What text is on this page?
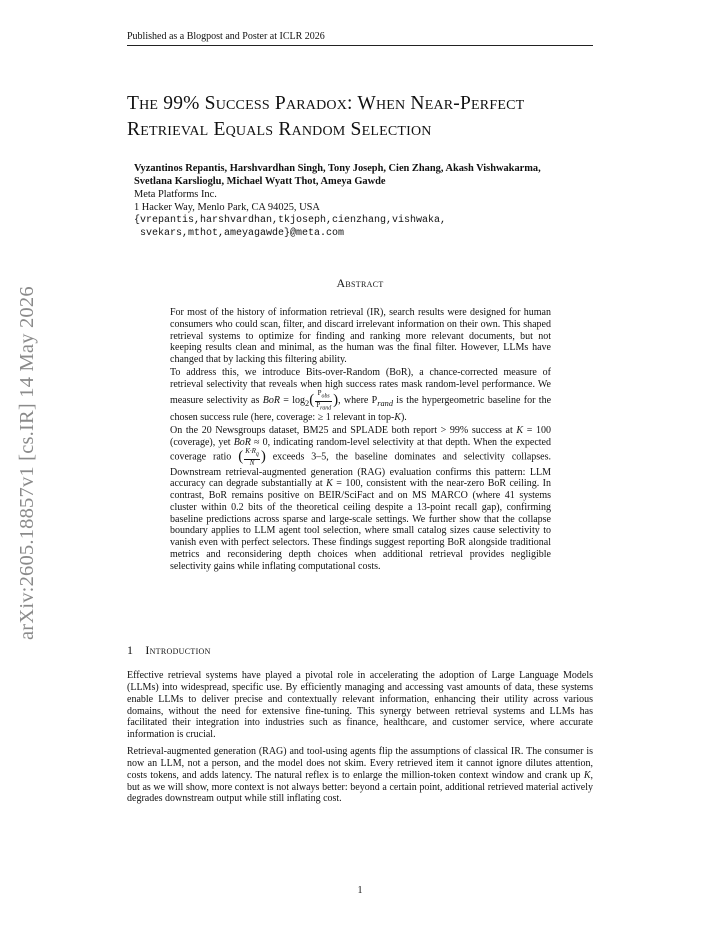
Published as a Blogpost and Poster at ICLR 2026
arXiv:2605.18857v1 [cs.IR] 14 May 2026
The 99% Success Paradox: When Near-Perfect
Retrieval Equals Random Selection
Vyzantinos Repantis, Harshvardhan Singh, Tony Joseph, Cien Zhang, Akash Vishwakarma,
Svetlana Karslioglu, Michael Wyatt Thot, Ameya Gawde
Meta Platforms Inc.
1 Hacker Way, Menlo Park, CA 94025, USA
{vrepantis,harshvardhan,tkjoseph,cienzhang,vishwaka,
svekars,mthot,ameyagawde}@meta.com
Abstract

For most of the history of information retrieval (IR), search results were designed for human consumers who could scan, filter, and discard irrelevant information on their own. This shaped retrieval systems to optimize for finding and ranking more relevant documents, but not keeping results clean and minimal, as the human was the final filter. However, LLMs have changed that by lacking this filtering ability.

To address this, we introduce Bits-over-Random (BoR), a chance-corrected measure of retrieval selectivity that reveals when high success rates mask random-level performance. We measure selectivity as BoR = $\log_2( \frac{P_{obs}}{P_{rand}}$ ), where $P_{rand}$ is the hypergeometric baseline for the chosen success rule (here, coverage: ≥ 1 relevant in top-K).

On the 20 Newsgroups dataset, BM25 and SPLADE both report > 99% success at K = 100 (coverage), yet BoR ≈ 0, indicating random-level selectivity at that depth. When the expected coverage ratio ( $\frac{K\cdot R_q}{N}$ ) exceeds 3–5, the baseline dominates and selectivity collapses. Downstream retrieval-augmented generation (RAG) evaluation confirms this pattern: LLM accuracy can degrade substantially at K = 100, consistent with the near-zero BoR ceiling. In contrast, BoR remains positive on BEIR/SciFact and on MS MARCO (where 41 systems cluster within 0.2 bits of the theoretical ceiling despite a 13-point recall gap), confirming baseline predictions across sparse and large-scale settings. We further show that the collapse boundary applies to LLM agent tool selection, where small catalog sizes cause selectivity to vanish even with perfect selectors. These findings suggest reporting BoR alongside traditional metrics and reconsidering depth choices when additional retrieval provides negligible selectivity gains while inflating computational costs.

1 Introduction

Effective retrieval systems have played a pivotal role in accelerating the adoption of Large Language Models (LLMs) into widespread, specific use. By efficiently managing and accessing vast amounts of data, these systems enable LLMs to deliver precise and contextually relevant information, enhancing their utility across various domains, without the need for extensive fine-tuning. This synergy between retrieval systems and LLMs has facilitated their integration into industries such as finance, healthcare, and customer service, where accurate information is crucial.

Retrieval-augmented generation (RAG) and tool-using agents flip the assumptions of classical IR. The consumer is now an LLM, not a person, and the model does not skim. Every retrieved item it cannot ignore dilutes attention, costs tokens, and adds latency. The natural reflex is to enlarge the million-token context window and crank up K, but as we will show, more context is not always better: beyond a certain point, additional retrieved material actively degrades downstream output while still inflating cost.

1
